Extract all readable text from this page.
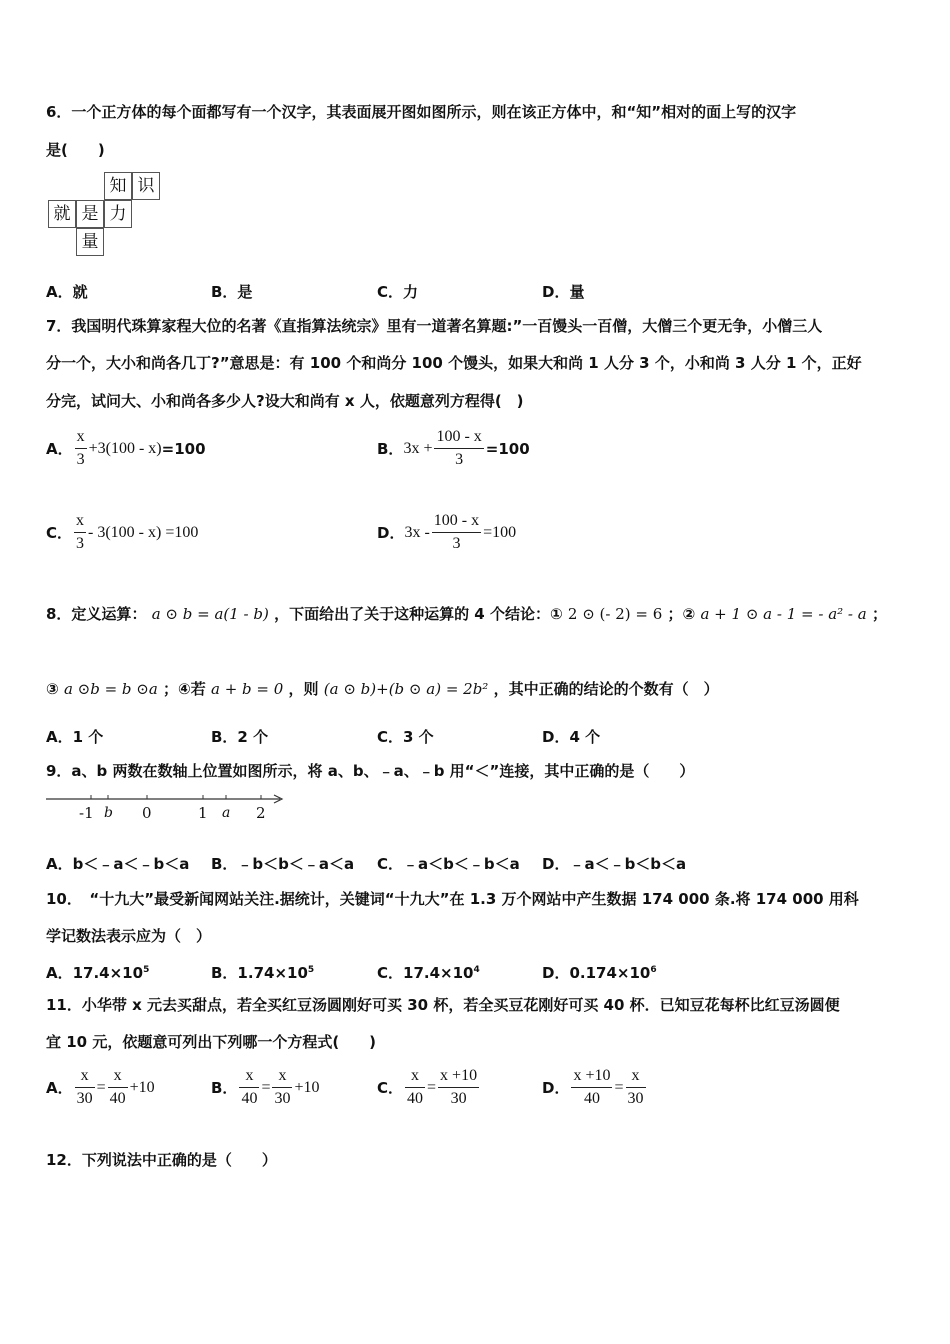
6．一个正方体的每个面都写有一个汉字，其表面展开图如图所示，则在该正方体中，和“知”相对的面上写的汉字
是(　　)
知 识
就 是 力
量
A．就	B．是	C．力	D．量
7．我国明代珠算家程大位的名著《直指算法统宗》里有一道著名算题:”一百馒头一百僧，大僧三个更无争，小僧三人
分一个，大小和尚各几丁?”意思是：有 100 个和尚分 100 个馒头，如果大和尚 1 人分 3 个，小和尚 3 人分 1 个，正好
分完，试问大、小和尚各多少人?设大和尚有 x 人，依题意列方程得(　)
A． $\frac{x}{3} +3(100 - x) =100$	B． $3x + \frac{100 - x}{3} =100$
C． $\frac{x}{3} - 3(100 - x) =100$	D． $3x - \frac{100 - x}{3} =100$
8．定义运算： a ⊙ b = a(1 - b) ，下面给出了关于这种运算的 4 个结论：① 2 ⊙ (- 2) = 6 ；② a + 1 ⊙ a - 1 = - a² - a ；
③ a ⊙b = b ⊙a ；④若 a + b = 0 ，则 (a ⊙ b)+(b ⊙ a) = 2b² ，其中正确的结论的个数有（　）
A．1 个	B．2 个	C．3 个	D．4 个
9．a、b 两数在数轴上位置如图所示，将 a、b、﹣a、﹣b 用“＜”连接，其中正确的是（　　）
-1 b 0	1 a 2
A．b＜﹣a＜﹣b＜a B．﹣b＜b＜﹣a＜a C．﹣a＜b＜﹣b＜a D．﹣a＜﹣b＜b＜a
10．　“十九大”最受新闻网站关注.据统计，关键词“十九大”在 1.3 万个网站中产生数据 174 000 条.将 174 000 用科
学记数法表示应为（　）
A．$17.4\times 10^5$	B．$1.74\times 10^5$	C．$17.4\times 10^4$	D．$0.174\times 10^6$
11．小华带 x 元去买甜点，若全买红豆汤圆刚好可买 30 杯，若全买豆花刚好可买 40 杯．已知豆花每杯比红豆汤圆便
宜 10 元，依题意可列出下列哪一个方程式(　　)
A． $\frac{x}{30} = \frac{x}{40} +10$	B． $\frac{x}{40} = \frac{x}{30} +10$	C． $\frac{x}{40} = \frac{x +10}{30}$	D． $\frac{x +10}{40} = \frac{x}{30}$
12．下列说法中正确的是（　　）
